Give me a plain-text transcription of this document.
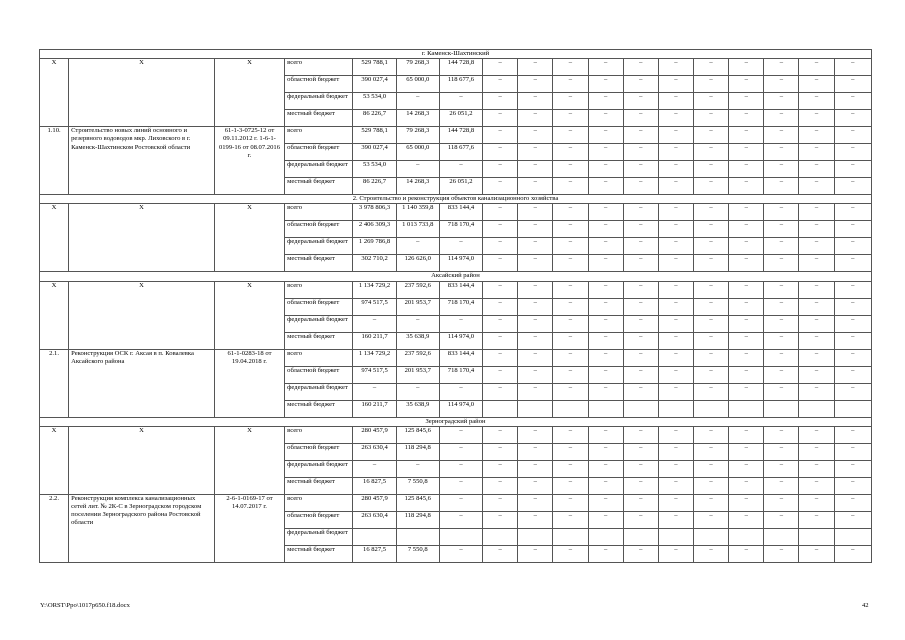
г. Каменск-Шахтинский																	
Х	Х	Х	всего	529 788,1	79 268,3	144 728,8	–	–	–	–	–	–	–	–	–	–	–
			областной бюджет	390 027,4	65 000,0	118 677,6	–	–	–	–	–	–	–	–	–	–	–
			федеральный бюджет	53 534,0	–	–	–	–	–	–	–	–	–	–	–	–	–
			местный бюджет	86 226,7	14 268,3	26 051,2	–	–	–	–	–	–	–	–	–	–	–
1.10.	Строительство новых линий основного и резервного водоводов мкр. Лиховского в г. Каменск-Шахтинском Ростовской области	61-1-3-0725-12 от 09.11.2012 г. 1-6-1-0199-16 от 08.07.2016 г.	всего	529 788,1	79 268,3	144 728,8	–	–	–	–	–	–	–	–	–	–	–
			областной бюджет	390 027,4	65 000,0	118 677,6	–	–	–	–	–	–	–	–	–	–	–
			федеральный бюджет	53 534,0	–	–	–	–	–	–	–	–	–	–	–	–	–
			местный бюджет	86 226,7	14 268,3	26 051,2	–	–	–	–	–	–	–	–	–	–	–
2. Строительство и реконструкция объектов канализационного хозяйства																	
Х	Х	Х	всего	3 978 806,3	1 140 359,8	833 144,4	–	–	–	–	–	–	–	–	–	–	–
			областной бюджет	2 406 309,3	1 013 733,8	718 170,4	–	–	–	–	–	–	–	–	–	–	–
			федеральный бюджет	1 269 786,8	–	–	–	–	–	–	–	–	–	–	–	–	–
			местный бюджет	302 710,2	126 626,0	114 974,0	–	–	–	–	–	–	–	–	–	–	–
Аксайский район																	
Х	Х	Х	всего	1 134 729,2	237 592,6	833 144,4	–	–	–	–	–	–	–	–	–	–	–
			областной бюджет	974 517,5	201 953,7	718 170,4	–	–	–	–	–	–	–	–	–	–	–
			федеральный бюджет	–	–	–	–	–	–	–	–	–	–	–	–	–	–
			местный бюджет	160 211,7	35 638,9	114 974,0	–	–	–	–	–	–	–	–	–	–	–
2.1.	Реконструкция ОСК г. Аксая в п. Ковалевка Аксайского района	61-1-0283-18 от 19.04.2018 г.	всего	1 134 729,2	237 592,6	833 144,4	–	–	–	–	–	–	–	–	–	–	–
			областной бюджет	974 517,5	201 953,7	718 170,4	–	–	–	–	–	–	–	–	–	–	–
			федеральный бюджет	–	–	–	–	–	–	–	–	–	–	–	–	–	–
			местный бюджет	160 211,7	35 638,9	114 974,0											
Зерноградский район																	
Х	Х	Х	всего	280 457,9	125 845,6	–	–	–	–	–	–	–	–	–	–	–	–
			областной бюджет	263 630,4	118 294,8	–	–	–	–	–	–	–	–	–	–	–	–
			федеральный бюджет	–	–	–	–	–	–	–	–	–	–	–	–	–	–
			местный бюджет	16 827,5	7 550,8	–	–	–	–	–	–	–	–	–	–	–	–
2.2.	Реконструкция комплекса канализационных сетей лит. № 2К-С в Зерноградском городском поселении Зерноградского района Ростовской области	2-6-1-0169-17 от 14.07.2017 г.	всего	280 457,9	125 845,6	–	–	–	–	–	–	–	–	–	–	–	–
			областной бюджет	263 630,4	118 294,8	–	–	–	–	–	–	–	–	–	–	–	–
			федеральный бюджет														
			местный бюджет	16 827,5	7 550,8	–	–	–	–	–	–	–	–	–	–	–	–
Y:\ORST\Ppo\1017p650.f18.docx	42
